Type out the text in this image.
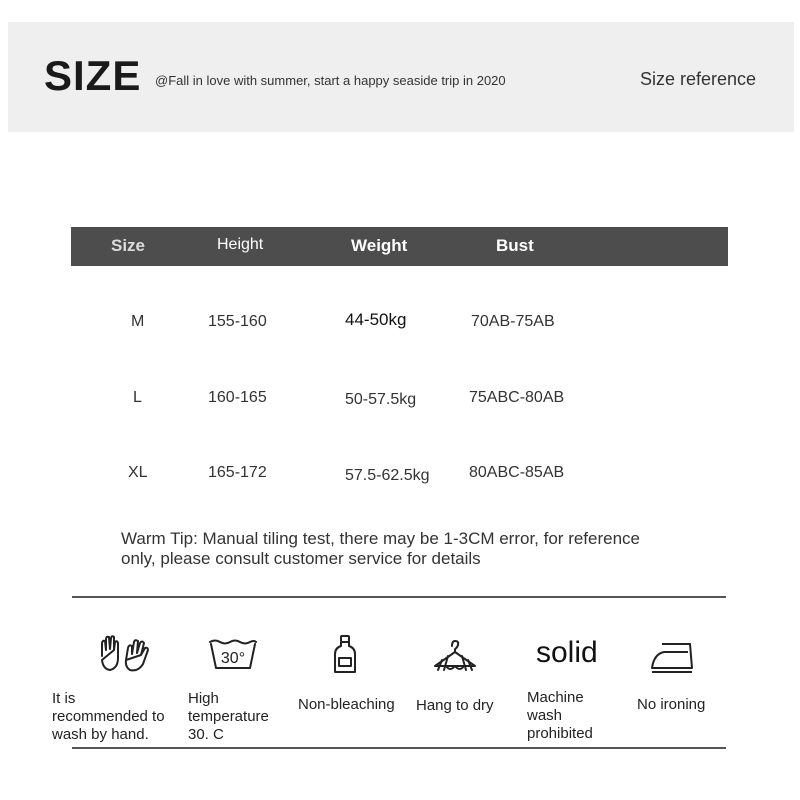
SIZE @Fall in love with summer, start a happy seaside trip in 2020	Size reference
Size	Height	Weight	Bust
M	155-160	44-50kg	70AB-75AB
L	160-165	50-57.5kg	75ABC-80AB
XL	165-172	57.5-62.5kg 80ABC-85AB
Warm Tip: Manual tiling test, there may be 1-3CM error, for reference
only, please consult customer service for details
It is
recommended to
wash by hand.
30°
High
temperature
30. C
Non-bleaching Hang to dry
solid
Machine
wash
prohibited
No ironing
